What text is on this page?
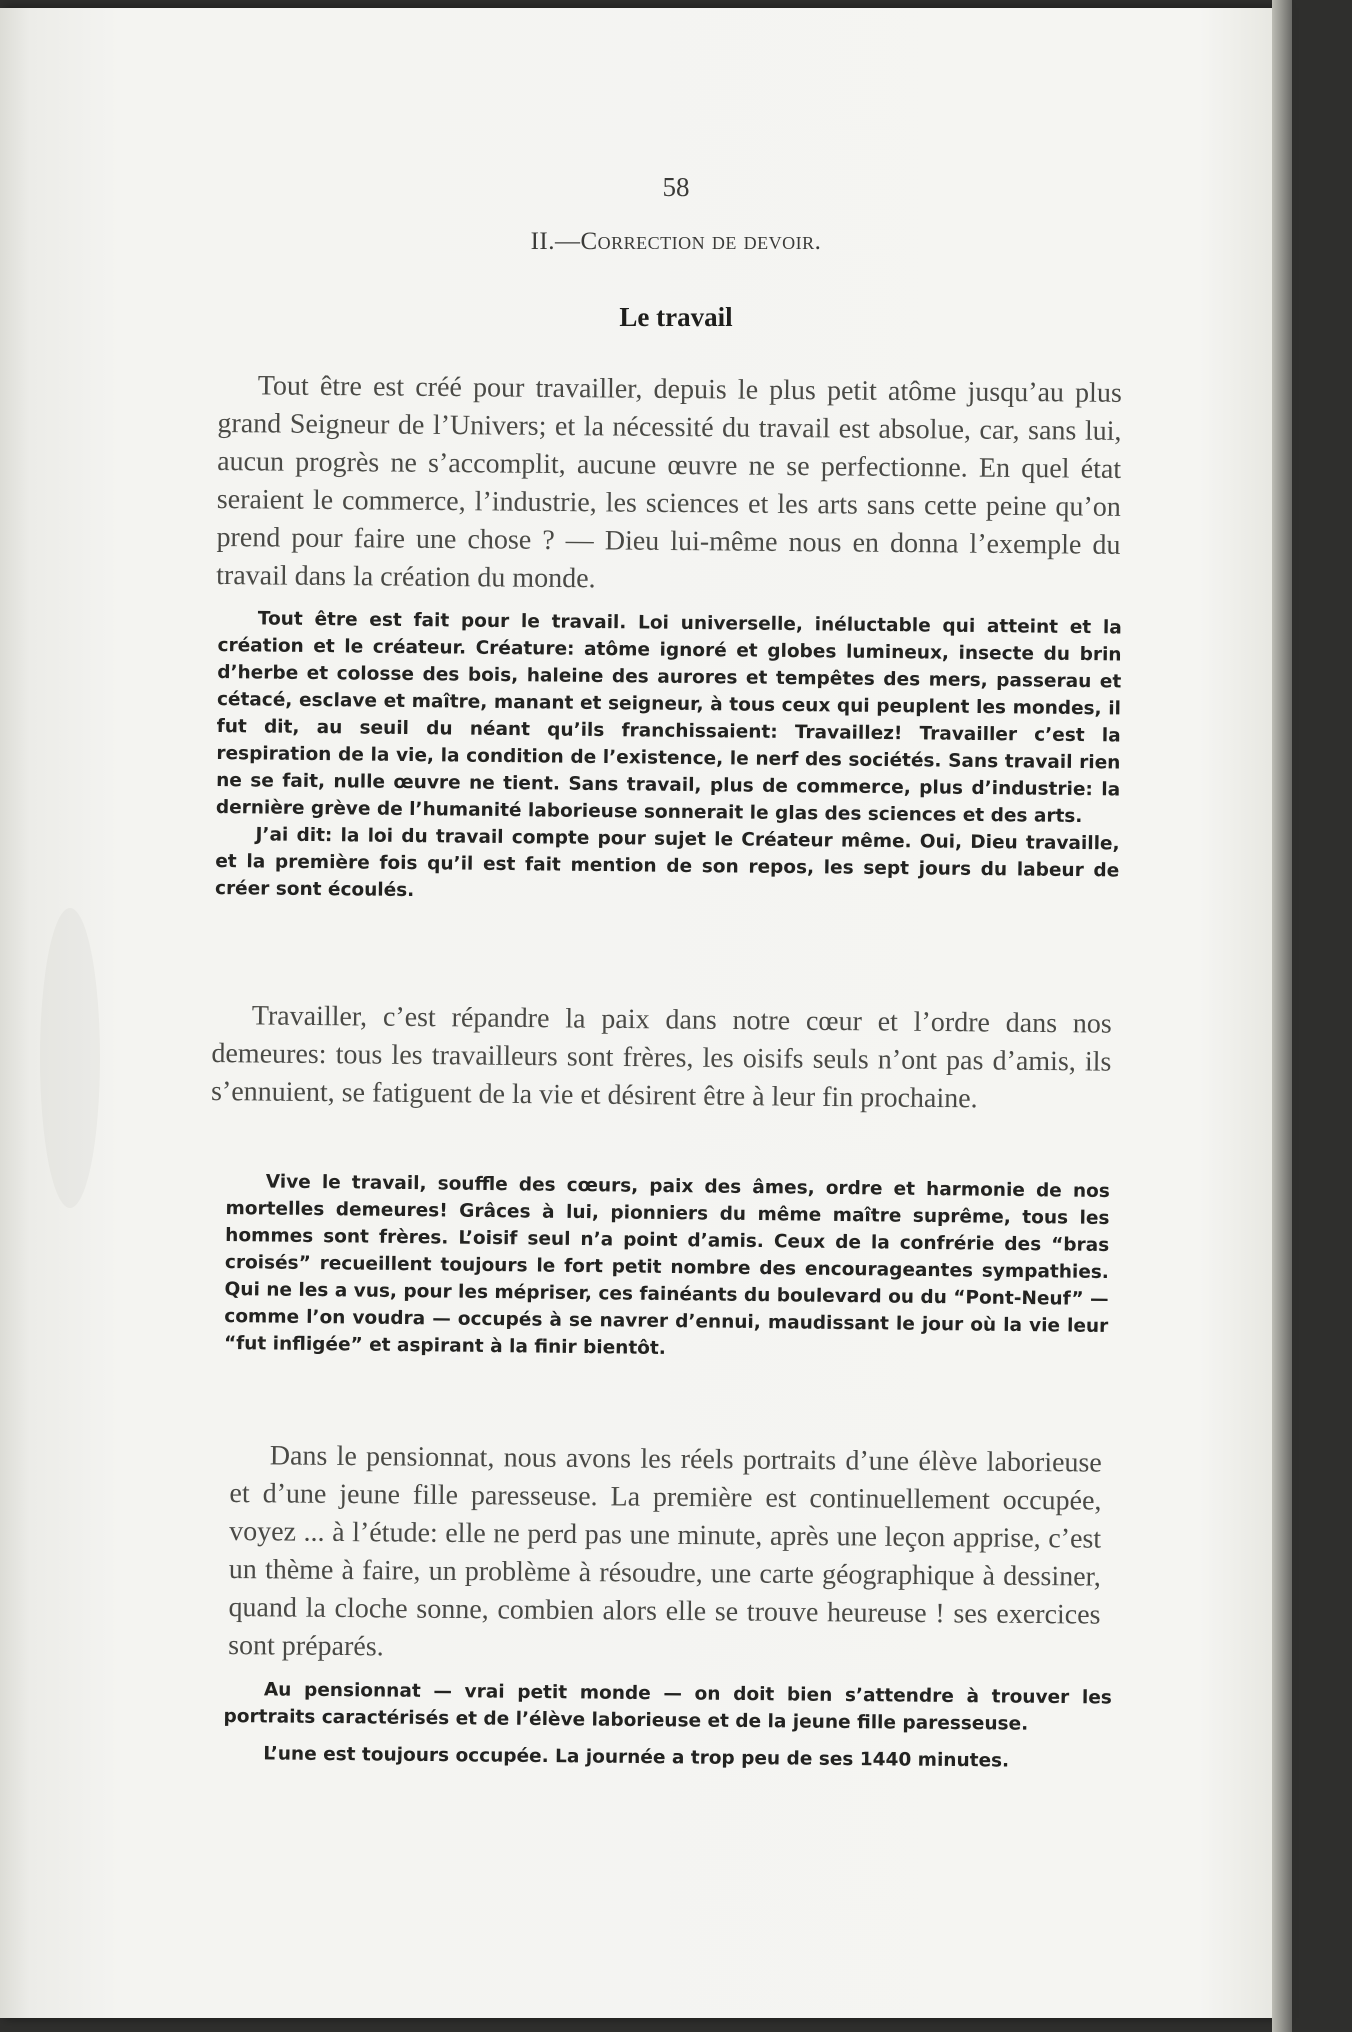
58
II.—Correction de devoir.
Le travail
Tout être est créé pour travailler, depuis le plus petit atôme jusqu’au plus grand Seigneur de l’Univers; et la nécessité du travail est absolue, car, sans lui, aucun progrès ne s’accomplit, aucune œuvre ne se perfectionne. En quel état seraient le commerce, l’industrie, les sciences et les arts sans cette peine qu’on prend pour faire une chose ? — Dieu lui-même nous en donna l’exemple du travail dans la création du monde.
Tout être est fait pour le travail. Loi universelle, inéluctable qui atteint et la création et le créateur. Créature: atôme ignoré et globes lumineux, insecte du brin d’herbe et colosse des bois, haleine des aurores et tempêtes des mers, passerau et cétacé, esclave et maître, manant et seigneur, à tous ceux qui peuplent les mondes, il fut dit, au seuil du néant qu’ils franchissaient: Travaillez! Travailler c’est la respiration de la vie, la condition de l’existence, le nerf des sociétés. Sans travail rien ne se fait, nulle œuvre ne tient. Sans travail, plus de commerce, plus d’industrie: la dernière grève de l’humanité laborieuse sonnerait le glas des sciences et des arts.
J’ai dit: la loi du travail compte pour sujet le Créateur même. Oui, Dieu travaille, et la première fois qu’il est fait mention de son repos, les sept jours du labeur de créer sont écoulés.
Travailler, c’est répandre la paix dans notre cœur et l’ordre dans nos demeures: tous les travailleurs sont frères, les oisifs seuls n’ont pas d’amis, ils s’ennuient, se fatiguent de la vie et désirent être à leur fin prochaine.
Vive le travail, souffle des cœurs, paix des âmes, ordre et harmonie de nos mortelles demeures! Grâces à lui, pionniers du même maître suprême, tous les hommes sont frères. L’oisif seul n’a point d’amis. Ceux de la confrérie des “bras croisés” recueillent toujours le fort petit nombre des encourageantes sympathies. Qui ne les a vus, pour les mépriser, ces fainéants du boulevard ou du “Pont-Neuf” — comme l’on voudra — occupés à se navrer d’ennui, maudissant le jour où la vie leur “fut infligée” et aspirant à la finir bientôt.
Dans le pensionnat, nous avons les réels portraits d’une élève laborieuse et d’une jeune fille paresseuse. La première est continuellement occupée, voyez ... à l’étude: elle ne perd pas une minute, après une leçon apprise, c’est un thème à faire, un problème à résoudre, une carte géographique à dessiner, quand la cloche sonne, combien alors elle se trouve heureuse ! ses exercices sont préparés.
Au pensionnat — vrai petit monde — on doit bien s’attendre à trouver les portraits caractérisés et de l’élève laborieuse et de la jeune fille paresseuse.
L’une est toujours occupée. La journée a trop peu de ses 1440 minutes.
